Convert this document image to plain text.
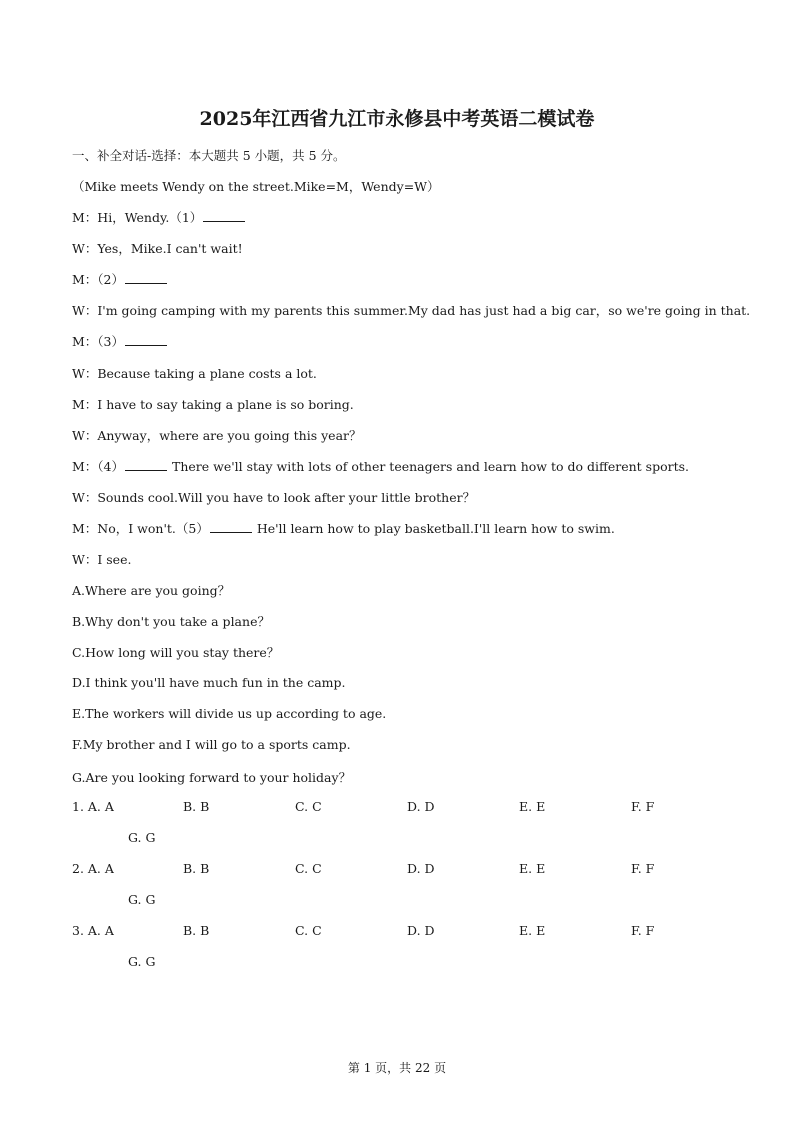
2025年江西省九江市永修县中考英语二模试卷
一、补全对话-选择：本大题共 5 小题，共 5 分。
（Mike meets Wendy on the street.Mike=M，Wendy=W）
第 1 页，共 22 页
M：Hi，Wendy.（1）
W：Yes，Mike.I can't wait!
M：（2）
W：I'm going camping with my parents this summer.My dad has just had a big car，so we're going in that.
M：（3）
W：Because taking a plane costs a lot.
M：I have to say taking a plane is so boring.
W：Anyway，where are you going this year？
M：（4）	There we'll stay with lots of other teenagers and learn how to do different sports.
W：Sounds cool.Will you have to look after your little brother？
M：No，I won't.（5）	He'll learn how to play basketball.I'll learn how to swim.
W：I see.
A.Where are you going？
B.Why don't you take a plane？
C.How long will you stay there？
D.I think you'll have much fun in the camp.
E.The workers will divide us up according to age.
F.My brother and I will go to a sports camp.
G.Are you looking forward to your holiday？
1. A. A	B. B	C. C	D. D	E. E	F. F
G. G
2. A. A	B. B	C. C	D. D	E. E	F. F
G. G
3. A. A	B. B	C. C	D. D	E. E	F. F
G. G
